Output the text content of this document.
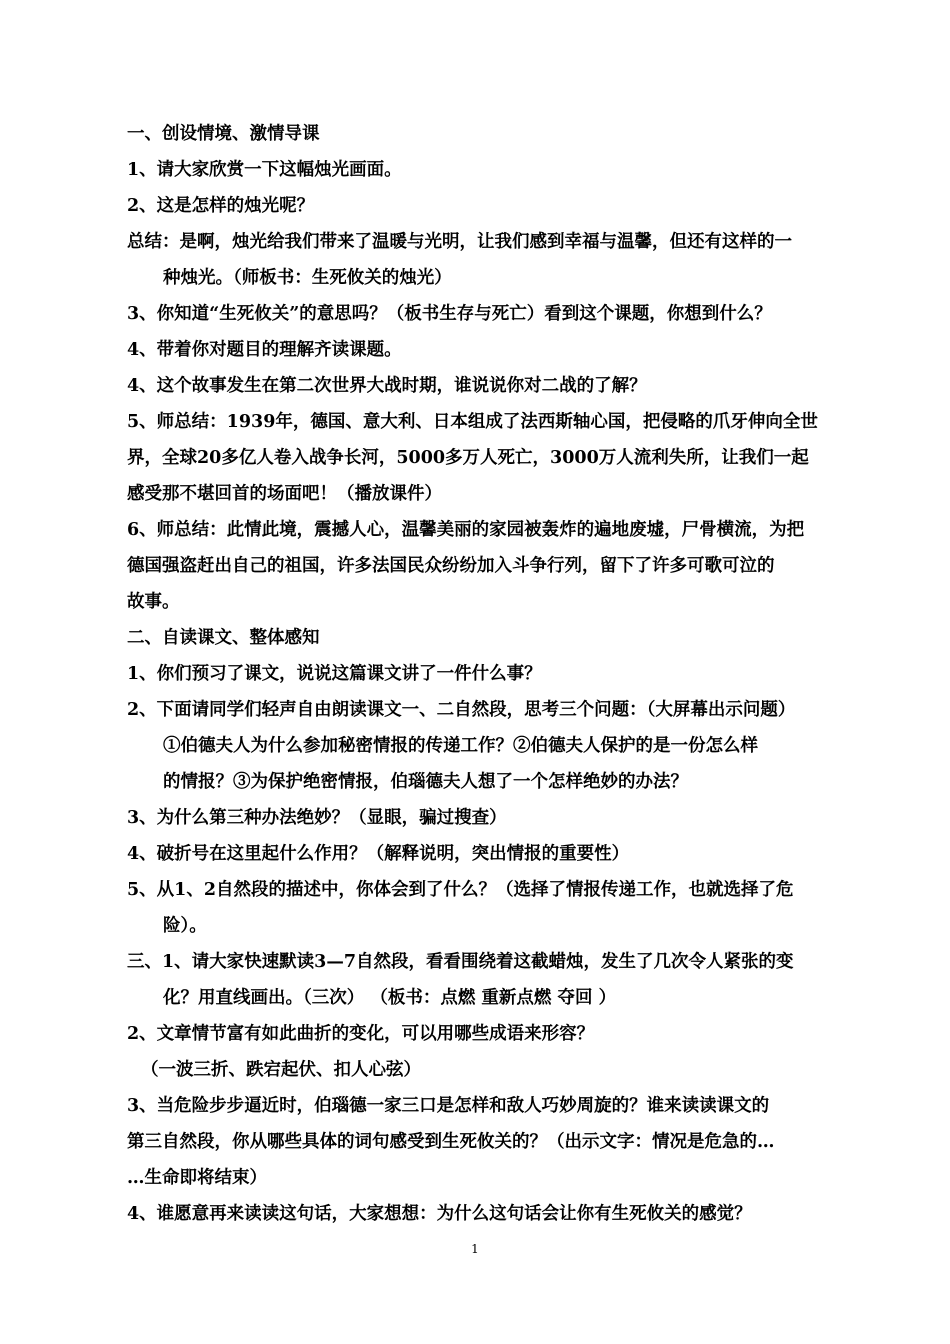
一、创设情境、激情导课
1、请大家欣赏一下这幅烛光画面。
2、这是怎样的烛光呢？
总结：是啊，烛光给我们带来了温暖与光明，让我们感到幸福与温馨，但还有这样的一
种烛光。（师板书：生死攸关的烛光）
3、你知道“生死攸关”的意思吗？（板书生存与死亡）看到这个课题，你想到什么？
4、带着你对题目的理解齐读课题。
4、这个故事发生在第二次世界大战时期，谁说说你对二战的了解？
5、师总结：1939年，德国、意大利、日本组成了法西斯轴心国，把侵略的爪牙伸向全世
界，全球20多亿人卷入战争长河，5000多万人死亡，3000万人流利失所，让我们一起
感受那不堪回首的场面吧！（播放课件）
6、师总结：此情此境，震撼人心，温馨美丽的家园被轰炸的遍地废墟，尸骨横流，为把
德国强盗赶出自己的祖国，许多法国民众纷纷加入斗争行列，留下了许多可歌可泣的
故事。
二、自读课文、整体感知
1、你们预习了课文，说说这篇课文讲了一件什么事？
2、下面请同学们轻声自由朗读课文一、二自然段，思考三个问题：（大屏幕出示问题）
①伯德夫人为什么参加秘密情报的传递工作？②伯德夫人保护的是一份怎么样
的情报？③为保护绝密情报，伯瑙德夫人想了一个怎样绝妙的办法？
3、为什么第三种办法绝妙？（显眼，骗过搜查）
4、破折号在这里起什么作用？（解释说明，突出情报的重要性）
5、从1、2自然段的描述中，你体会到了什么？（选择了情报传递工作，也就选择了危
险）。
三、1、请大家快速默读3—7自然段，看看围绕着这截蜡烛，发生了几次令人紧张的变
化？用直线画出。（三次） （板书：点燃 重新点燃 夺回 ）
2、文章情节富有如此曲折的变化，可以用哪些成语来形容？
（一波三折、跌宕起伏、扣人心弦）
3、当危险步步逼近时，伯瑙德一家三口是怎样和敌人巧妙周旋的？谁来读读课文的
第三自然段，你从哪些具体的词句感受到生死攸关的？（出示文字：情况是危急的…
…生命即将结束）
4、谁愿意再来读读这句话，大家想想：为什么这句话会让你有生死攸关的感觉？
1
